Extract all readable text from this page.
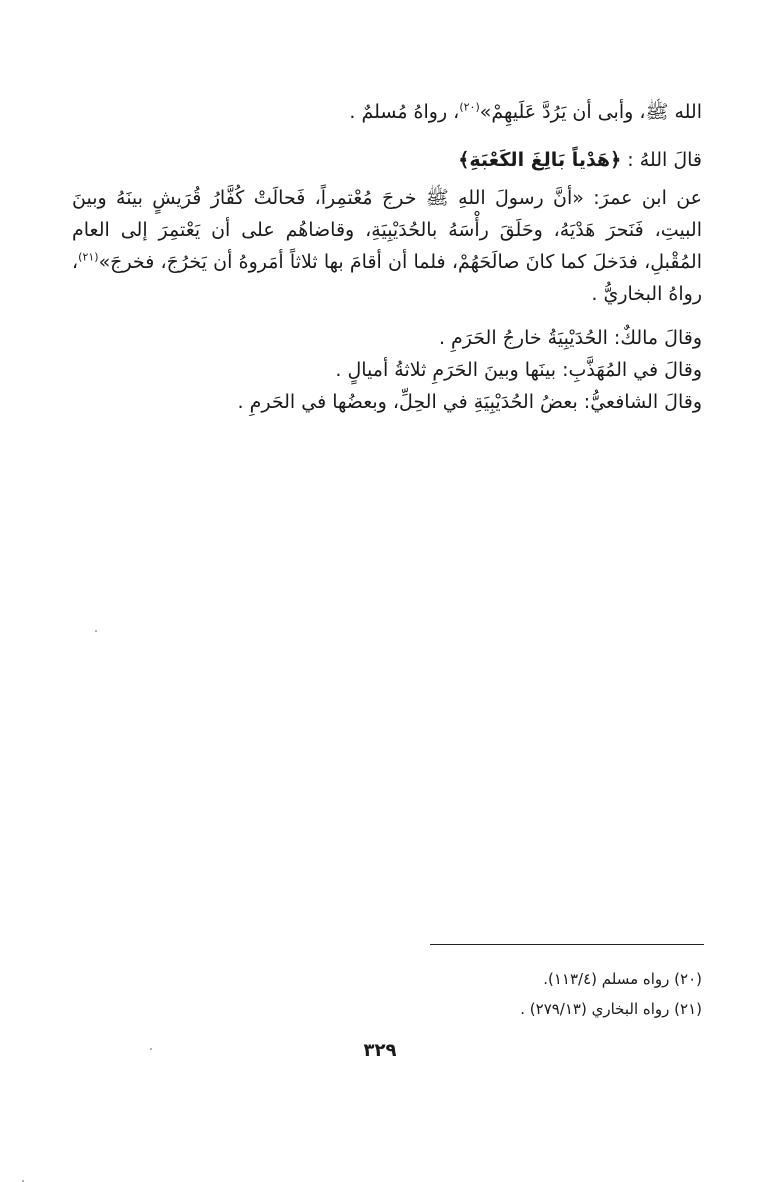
الله ﷺ، وأبى أن يَرُدَّ عَلَيهِمْ»$^{(٢٠)}$، رواهُ مُسلمٌ .

قالَ اللهُ : ﴿هَدْياً بَالِغَ الكَعْبَةِ﴾

عن ابن عمرَ: «أنَّ رسولَ اللهِ ﷺ خرجَ مُعْتمِراً، فَحالَتْ كُفَّارُ قُرَيشٍ بينَهُ وبينَ البيتِ، فَنَحرَ هَدْيَهُ، وحَلَقَ رأْسَهُ بالحُدَيْبِيَةِ، وقاضاهُم على أن يَعْتمِرَ إلى العام المُقْبلِ، فدَخلَ كما كانَ صالَحَهُمْ، فلما أن أقامَ بها ثلاثاً أمَروهُ أن يَخرُجَ، فخرجَ»$^{(٢١)}$، رواهُ البخاريُّ .

وقالَ مالكٌ: الحُدَيْبِيَةُ خارجُ الحَرَمِ .

وقالَ في المُهَذَّبِ: بينَها وبينَ الحَرَمِ ثلاثةُ أميالٍ .

وقالَ الشافعيُّ: بعضُ الحُدَيْبِيَةِ في الحِلِّ، وبعضُها في الحَرمِ .

(٢٠) رواه مسلم (١١٣/٤).

(٢١) رواه البخاري (٢٧٩/١٣) .

٣٢٩
